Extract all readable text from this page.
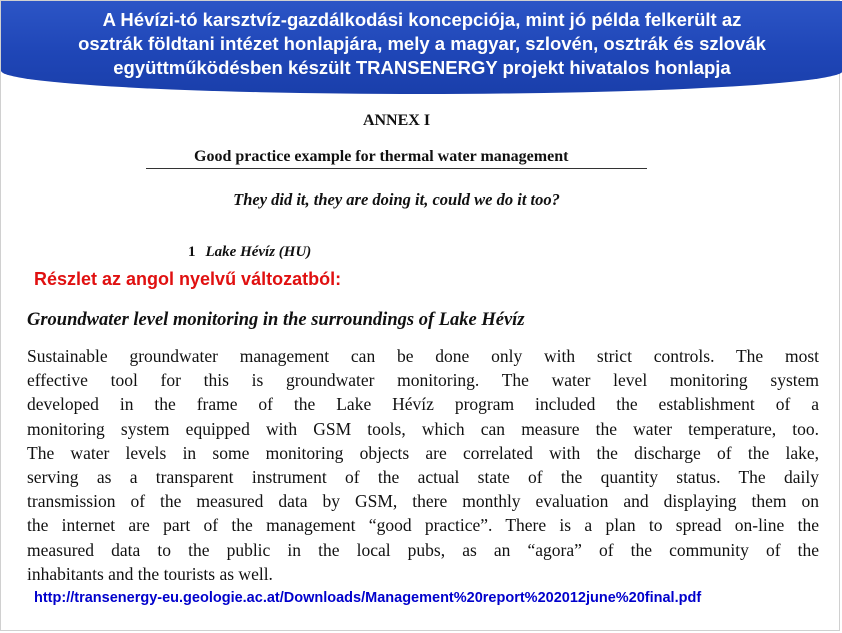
A Hévízi-tó karsztvíz-gazdálkodási koncepciója, mint jó példa felkerült az
osztrák földtani intézet honlapjára, mely a magyar, szlovén, osztrák és szlovák
együttműködésben készült TRANSENERGY projekt hivatalos honlapja
ANNEX I
Good practice example for thermal water management
They did it, they are doing it, could we do it too?
1 Lake Hévíz (HU)
Részlet az angol nyelvű változatból:
Groundwater level monitoring in the surroundings of Lake Hévíz
Sustainable groundwater management can be done only with strict controls. The most
effective tool for this is groundwater monitoring. The water level monitoring system
developed in the frame of the Lake Hévíz program included the establishment of a
monitoring system equipped with GSM tools, which can measure the water temperature, too.
The water levels in some monitoring objects are correlated with the discharge of the lake,
serving as a transparent instrument of the actual state of the quantity status. The daily
transmission of the measured data by GSM, there monthly evaluation and displaying them on
the internet are part of the management “good practice”. There is a plan to spread on-line the
measured data to the public in the local pubs, as an “agora” of the community of the
inhabitants and the tourists as well.
http://transenergy-eu.geologie.ac.at/Downloads/Management%20report%202012june%20final.pdf
